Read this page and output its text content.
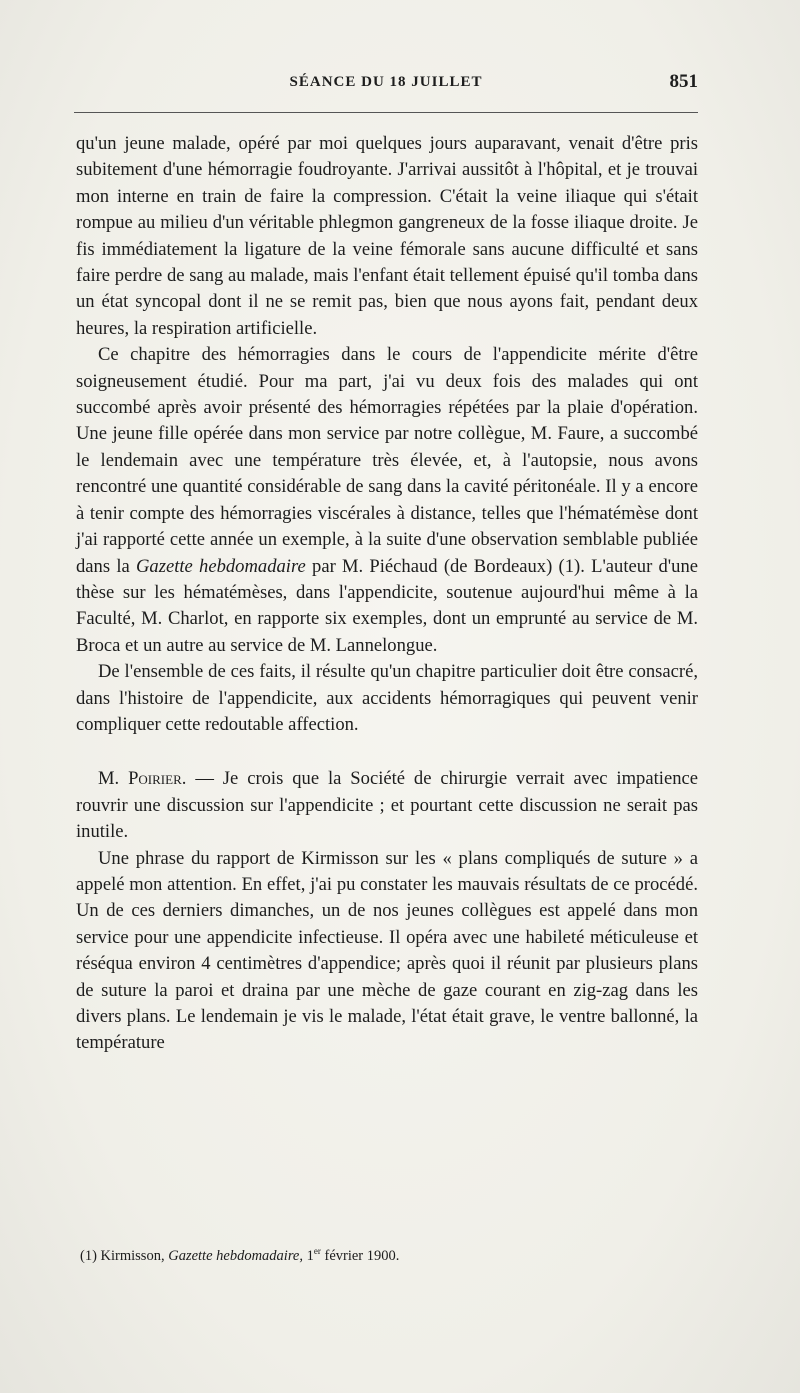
SÉANCE DU 18 JUILLET	851

qu'un jeune malade, opéré par moi quelques jours auparavant, venait d'être pris subitement d'une hémorragie foudroyante. J'arrivai aussitôt à l'hôpital, et je trouvai mon interne en train de faire la compression. C'était la veine iliaque qui s'était rompue au milieu d'un véritable phlegmon gangreneux de la fosse iliaque droite. Je fis immédiatement la ligature de la veine fémorale sans aucune difficulté et sans faire perdre de sang au malade, mais l'enfant était tellement épuisé qu'il tomba dans un état syncopal dont il ne se remit pas, bien que nous ayons fait, pendant deux heures, la respiration artificielle.

Ce chapitre des hémorragies dans le cours de l'appendicite mérite d'être soigneusement étudié. Pour ma part, j'ai vu deux fois des malades qui ont succombé après avoir présenté des hémorragies répétées par la plaie d'opération. Une jeune fille opérée dans mon service par notre collègue, M. Faure, a succombé le lendemain avec une température très élevée, et, à l'autopsie, nous avons rencontré une quantité considérable de sang dans la cavité péritonéale. Il y a encore à tenir compte des hémorragies viscérales à distance, telles que l'hématémèse dont j'ai rapporté cette année un exemple, à la suite d'une observation semblable publiée dans la Gazette hebdomadaire par M. Piéchaud (de Bordeaux) (1). L'auteur d'une thèse sur les hématémèses, dans l'appendicite, soutenue aujourd'hui même à la Faculté, M. Charlot, en rapporte six exemples, dont un emprunté au service de M. Broca et un autre au service de M. Lannelongue.

De l'ensemble de ces faits, il résulte qu'un chapitre particulier doit être consacré, dans l'histoire de l'appendicite, aux accidents hémorragiques qui peuvent venir compliquer cette redoutable affection.

M. Poirier. — Je crois que la Société de chirurgie verrait avec impatience rouvrir une discussion sur l'appendicite ; et pourtant cette discussion ne serait pas inutile.

Une phrase du rapport de Kirmisson sur les « plans compliqués de suture » a appelé mon attention. En effet, j'ai pu constater les mauvais résultats de ce procédé. Un de ces derniers dimanches, un de nos jeunes collègues est appelé dans mon service pour une appendicite infectieuse. Il opéra avec une habileté méticuleuse et réséqua environ 4 centimètres d'appendice; après quoi il réunit par plusieurs plans de suture la paroi et draina par une mèche de gaze courant en zig-zag dans les divers plans. Le lendemain je vis le malade, l'état était grave, le ventre ballonné, la température

(1) Kirmisson, Gazette hebdomadaire, 1er février 1900.
